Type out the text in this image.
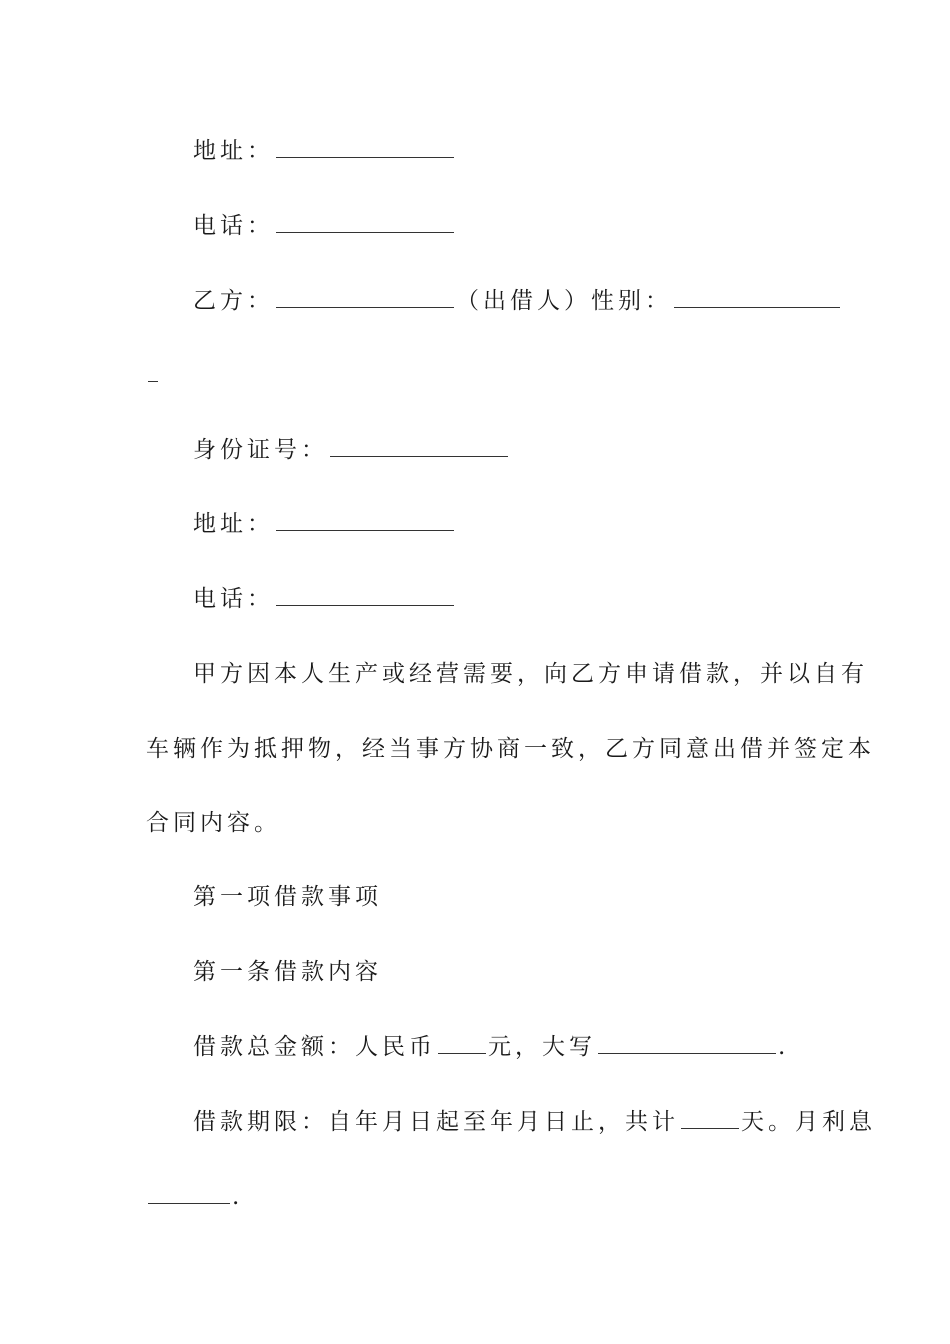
地址：
电话：
乙方：	（出借人）性别：
身份证号：
地址：
电话：
甲方因本人生产或经营需要，向乙方申请借款，并以自有
车辆作为抵押物，经当事方协商一致，乙方同意出借并签定本
合同内容。
第一项借款事项
第一条借款内容
借款总金额：人民币 元，大写	.
借款期限：自年月日起至年月日止，共计	天。月利息
.
